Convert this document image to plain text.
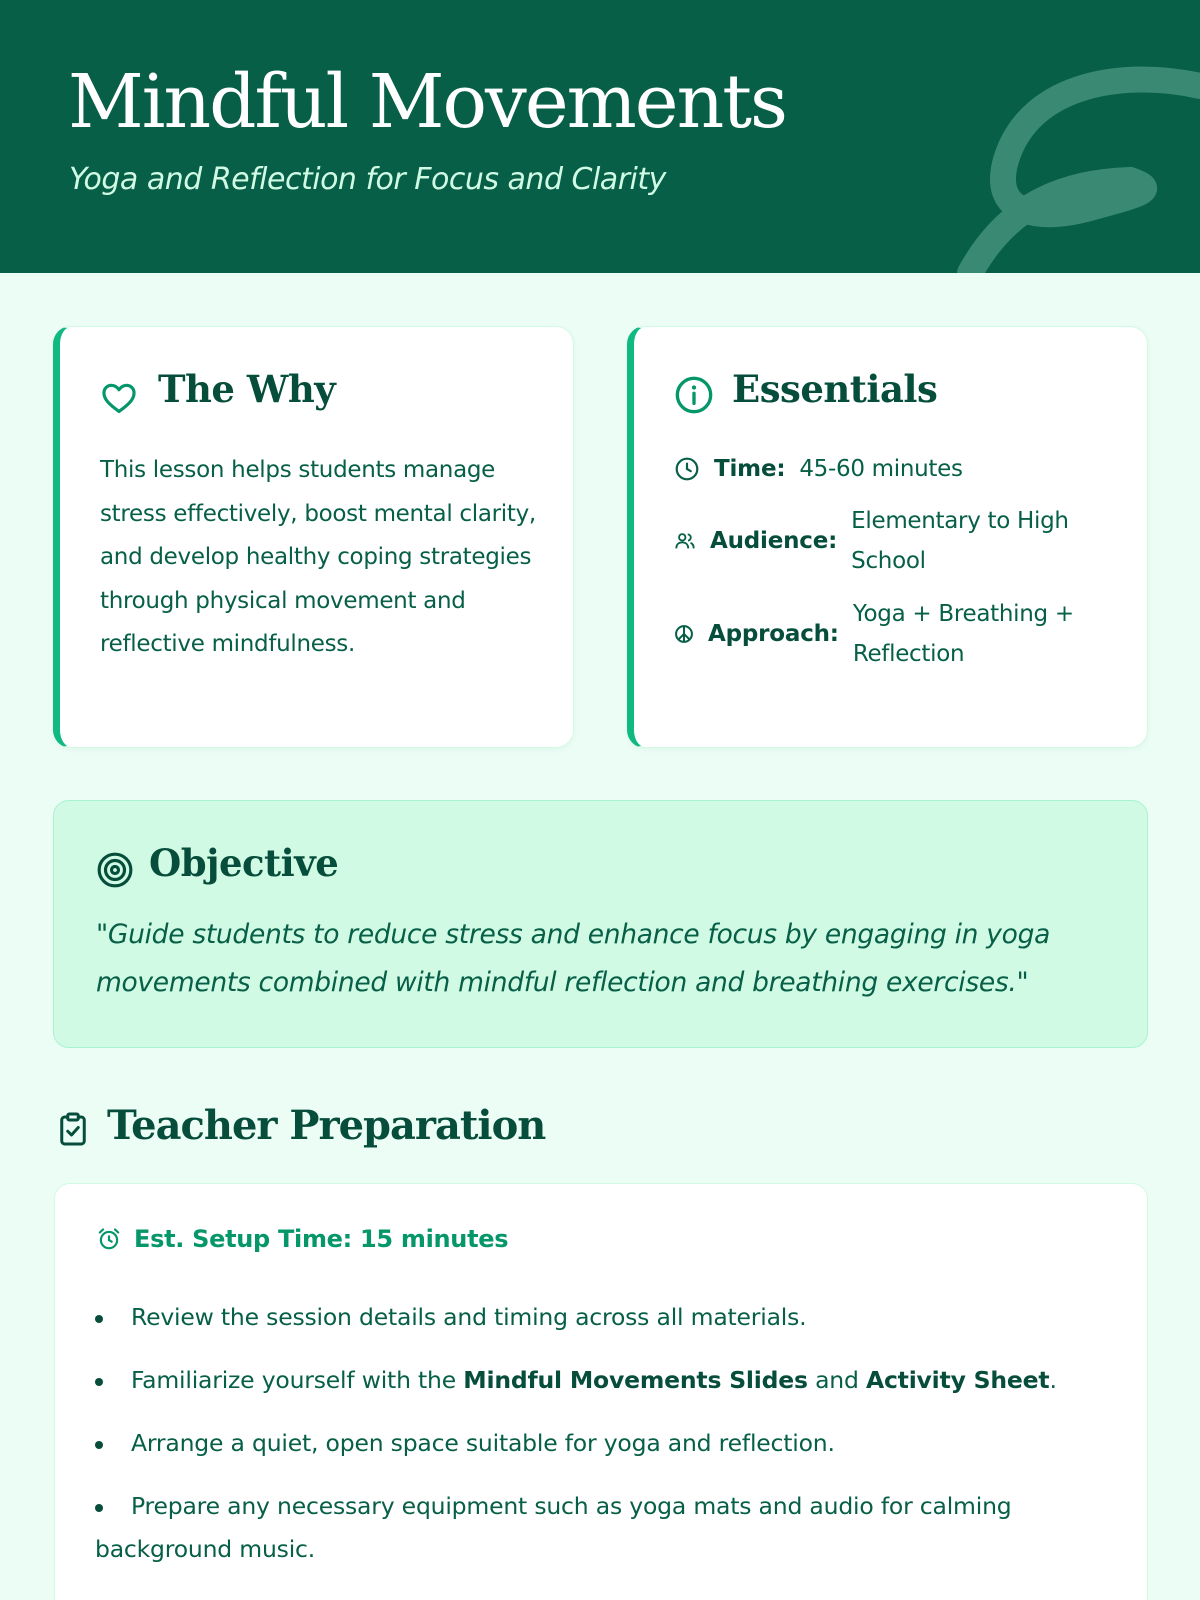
Mindful Movements
Yoga and Reflection for Focus and Clarity
The Why

This lesson helps students manage stress effectively, boost mental clarity, and develop healthy coping strategies through physical movement and reflective mindfulness.

Essentials
Time: 45-60 minutes
Audience:
Elementary to High School
Approach:
Yoga + Breathing + Reflection
Objective

"Guide students to reduce stress and enhance focus by engaging in yoga movements combined with mindful reflection and breathing exercises."

Teacher Preparation
Est. Setup Time: 15 minutes
Review the session details and timing across all materials.
Familiarize yourself with the Mindful Movements Slides and Activity Sheet.
Arrange a quiet, open space suitable for yoga and reflection.
Prepare any necessary equipment such as yoga mats and audio for calming background music.
